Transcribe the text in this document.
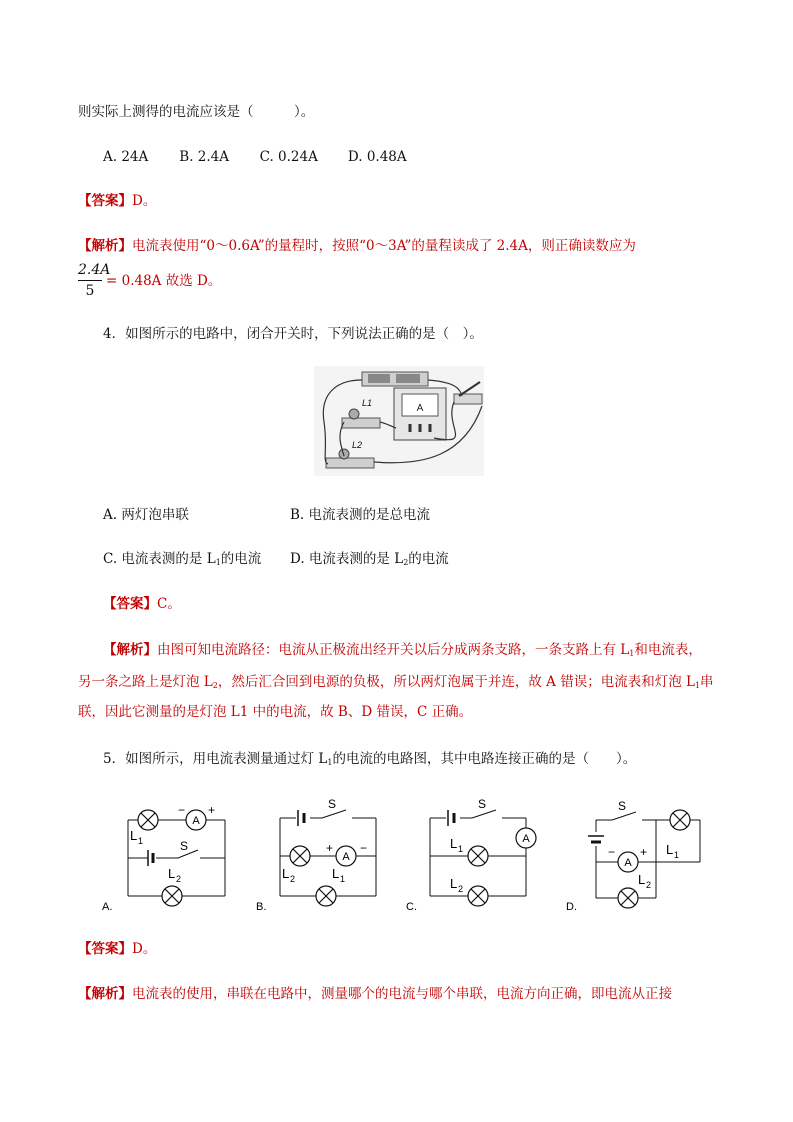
则实际上测得的电流应该是（　　　）。
A. 24A B. 2.4A C. 0.24A D. 0.48A
【答案】D。
【解析】电流表使用“0～0.6A”的量程时，按照“0～3A”的量程读成了 2.4A，则正确读数应为
2.4A
5
= 0.48A 故选 D。
4．如图所示的电路中，闭合开关时，下列说法正确的是（　）。
A
L1
L2
A. 两灯泡串联	B. 电流表测的是总电流
C. 电流表测的是 $L_1$的电流 D. 电流表测的是 $L_2$的电流
【答案】C。
【解析】由图可知电流路径：电流从正极流出经开关以后分成两条支路，一条支路上有 $L_1$和电流表，
另一条之路上是灯泡 $L_2$，然后汇合回到电源的负极，所以两灯泡属于并连，故 A 错误；电流表和灯泡 $L_1$串
联，因此它测量的是灯泡 L1 中的电流，故 B、D 错误，C 正确。
5．如图所示，用电流表测量通过灯 $L_1$的电流的电路图，其中电路连接正确的是（　　）。
A
− +
L 1	S
L 2
A.
S
A
+ −
L 2	L 1
B.
S
A
L 1
L 2
C.
S
L 1
A
− +
L 2
D.
【答案】D。
【解析】电流表的使用，串联在电路中，测量哪个的电流与哪个串联，电流方向正确，即电流从正接
